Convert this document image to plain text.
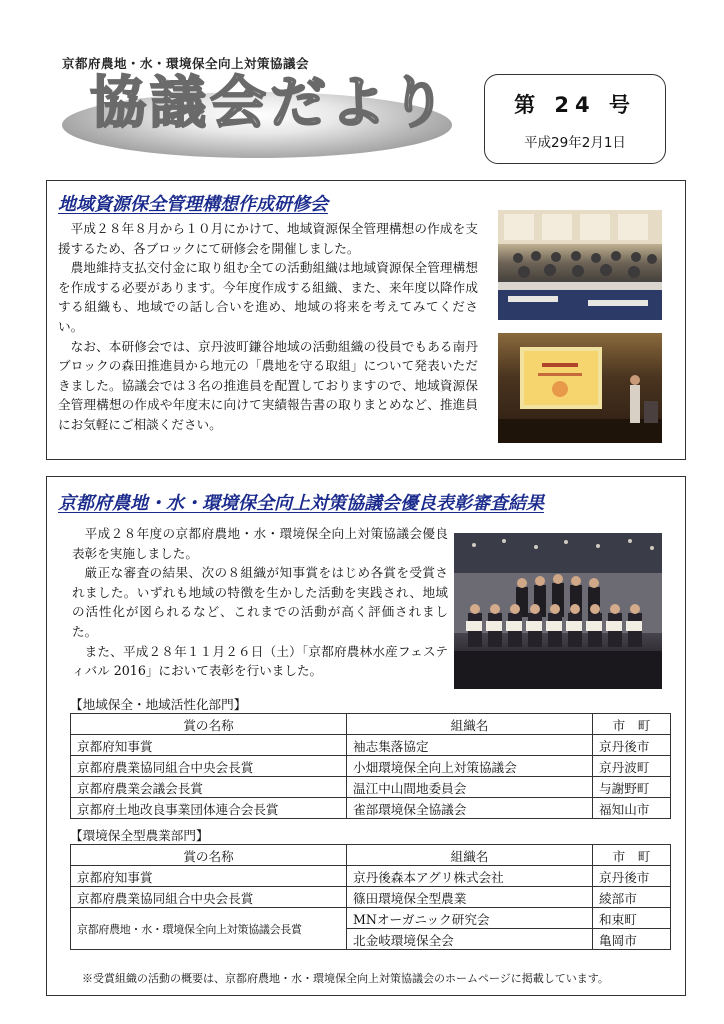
京都府農地・水・環境保全向上対策協議会
協議会だより	第 24 号
平成29年2月1日
地域資源保全管理構想作成研修会

平成２８年８月から１０月にかけて、地域資源保全管理構想の作成を支援するため、各ブロックにて研修会を開催しました。

農地維持支払交付金に取り組む全ての活動組織は地域資源保全管理構想を作成する必要があります。今年度作成する組織、また、来年度以降作成する組織も、地域での話し合いを進め、地域の将来を考えてみてください。

なお、本研修会では、京丹波町鎌谷地域の活動組織の役員でもある南丹ブロックの森田推進員から地元の「農地を守る取組」について発表いただきました。協議会では３名の推進員を配置しておりますので、地域資源保全管理構想の作成や年度末に向けて実績報告書の取りまとめなど、推進員にお気軽にご相談ください。

京都府農地・水・環境保全向上対策協議会優良表彰審査結果

平成２８年度の京都府農地・水・環境保全向上対策協議会優良表彰を実施しました。

厳正な審査の結果、次の８組織が知事賞をはじめ各賞を受賞されました。いずれも地域の特徴を生かした活動を実践され、地域の活性化が図られるなど、これまでの活動が高く評価されました。

また、平成２８年１１月２６日（土）「京都府農林水産フェスティバル 2016」において表彰を行いました。

【地域保全・地域活性化部門】
賞の名称	組織名	市　町
京都府知事賞	袖志集落協定	京丹後市
京都府農業協同組合中央会長賞	小畑環境保全向上対策協議会	京丹波町
京都府農業会議会長賞	温江中山間地委員会	与謝野町
京都府土地改良事業団体連合会長賞	雀部環境保全協議会	福知山市
【環境保全型農業部門】
賞の名称	組織名	市　町
京都府知事賞	京丹後森本アグリ株式会社	京丹後市
京都府農業協同組合中央会長賞	篠田環境保全型農業	綾部市
京都府農地・水・環境保全向上対策協議会長賞	MNオーガニック研究会	和束町
	北金岐環境保全会	亀岡市
※受賞組織の活動の概要は、京都府農地・水・環境保全向上対策協議会のホームページに掲載しています。
